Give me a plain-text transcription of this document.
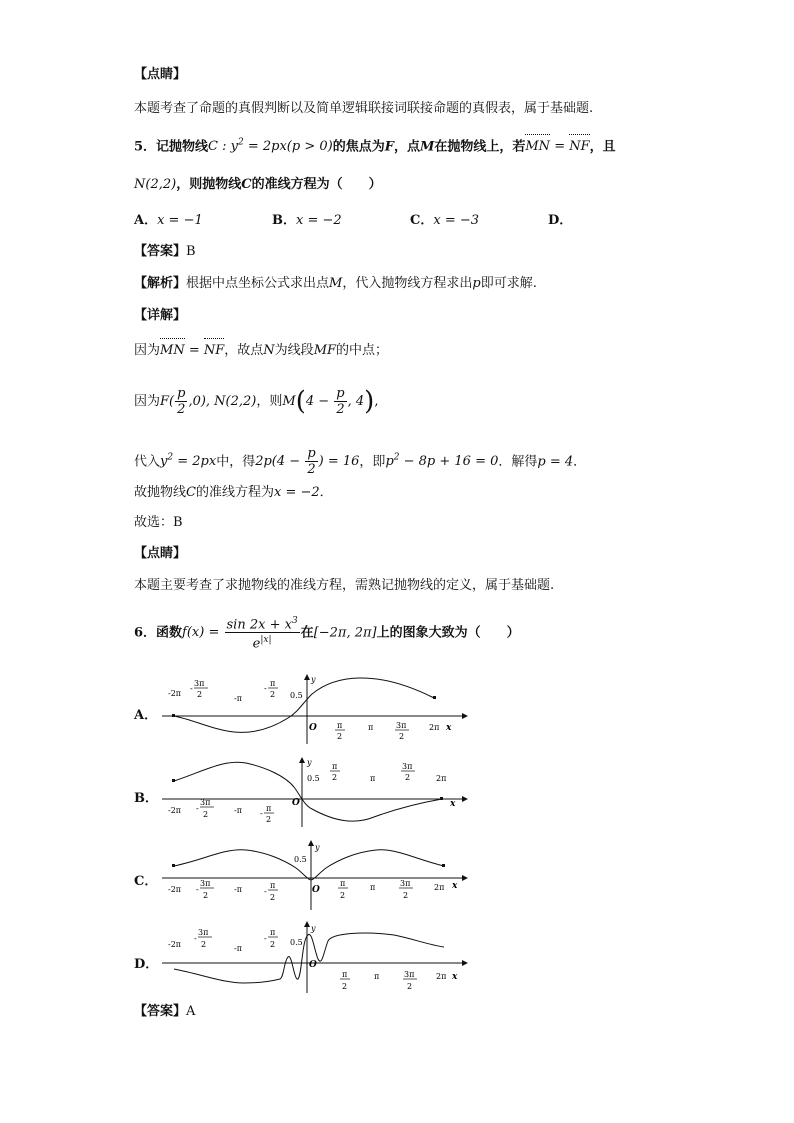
【点睛】
本题考查了命题的真假判断以及简单逻辑联接词联接命题的真假表，属于基础题.
5．记抛物线C : $y^2 = 2px(p > 0)$的焦点为F，点M在抛物线上，若MN = NF，且
N(2,2)，则抛物线C的准线方程为（　　）
A．x = −1	B．x = −2	C．x = −3	D．
【答案】B
【解析】根据中点坐标公式求出点M，代入抛物线方程求出p即可求解.
【详解】
因为MN = NF，故点N为线段MF的中点；
因为$F( \frac{p}{2} ,0)$, N(2,2)，则$M(4 - \frac{p}{2}$ , 4),
代入$y^2 = 2px$中，得$2p(4 - \frac{p}{2}$ ) = 16，即$p^2 - 8p + 16 = 0$．解得p = 4．
故抛物线C的准线方程为x = −2．
故选：B
【点睛】
本题主要考查了求抛物线的准线方程，需熟记抛物线的定义，属于基础题.
6．函数$f(x) = \frac{\sin 2x + x^3}{e^{|x|}}$ 在[−2π, 2π]上的图象大致为（　　）
A．
-2π
3π
2
-
-π
π
2
-
0.5
y
O	π
2
π	3π
2
2π x
B．
-2π
3π
2
-	-π	π
2
-
0.5
y
O
π
2	π
3π
2	2π
x
C．
-2π
3π
2
-	-π	π
2
-
0.5
y
O
π
2
π	3π
2
2π x
D．
-2π
3π
2
-
-π
π
2
-	0.5
y
O
π
2
π	3π
2
2π x
【答案】A
